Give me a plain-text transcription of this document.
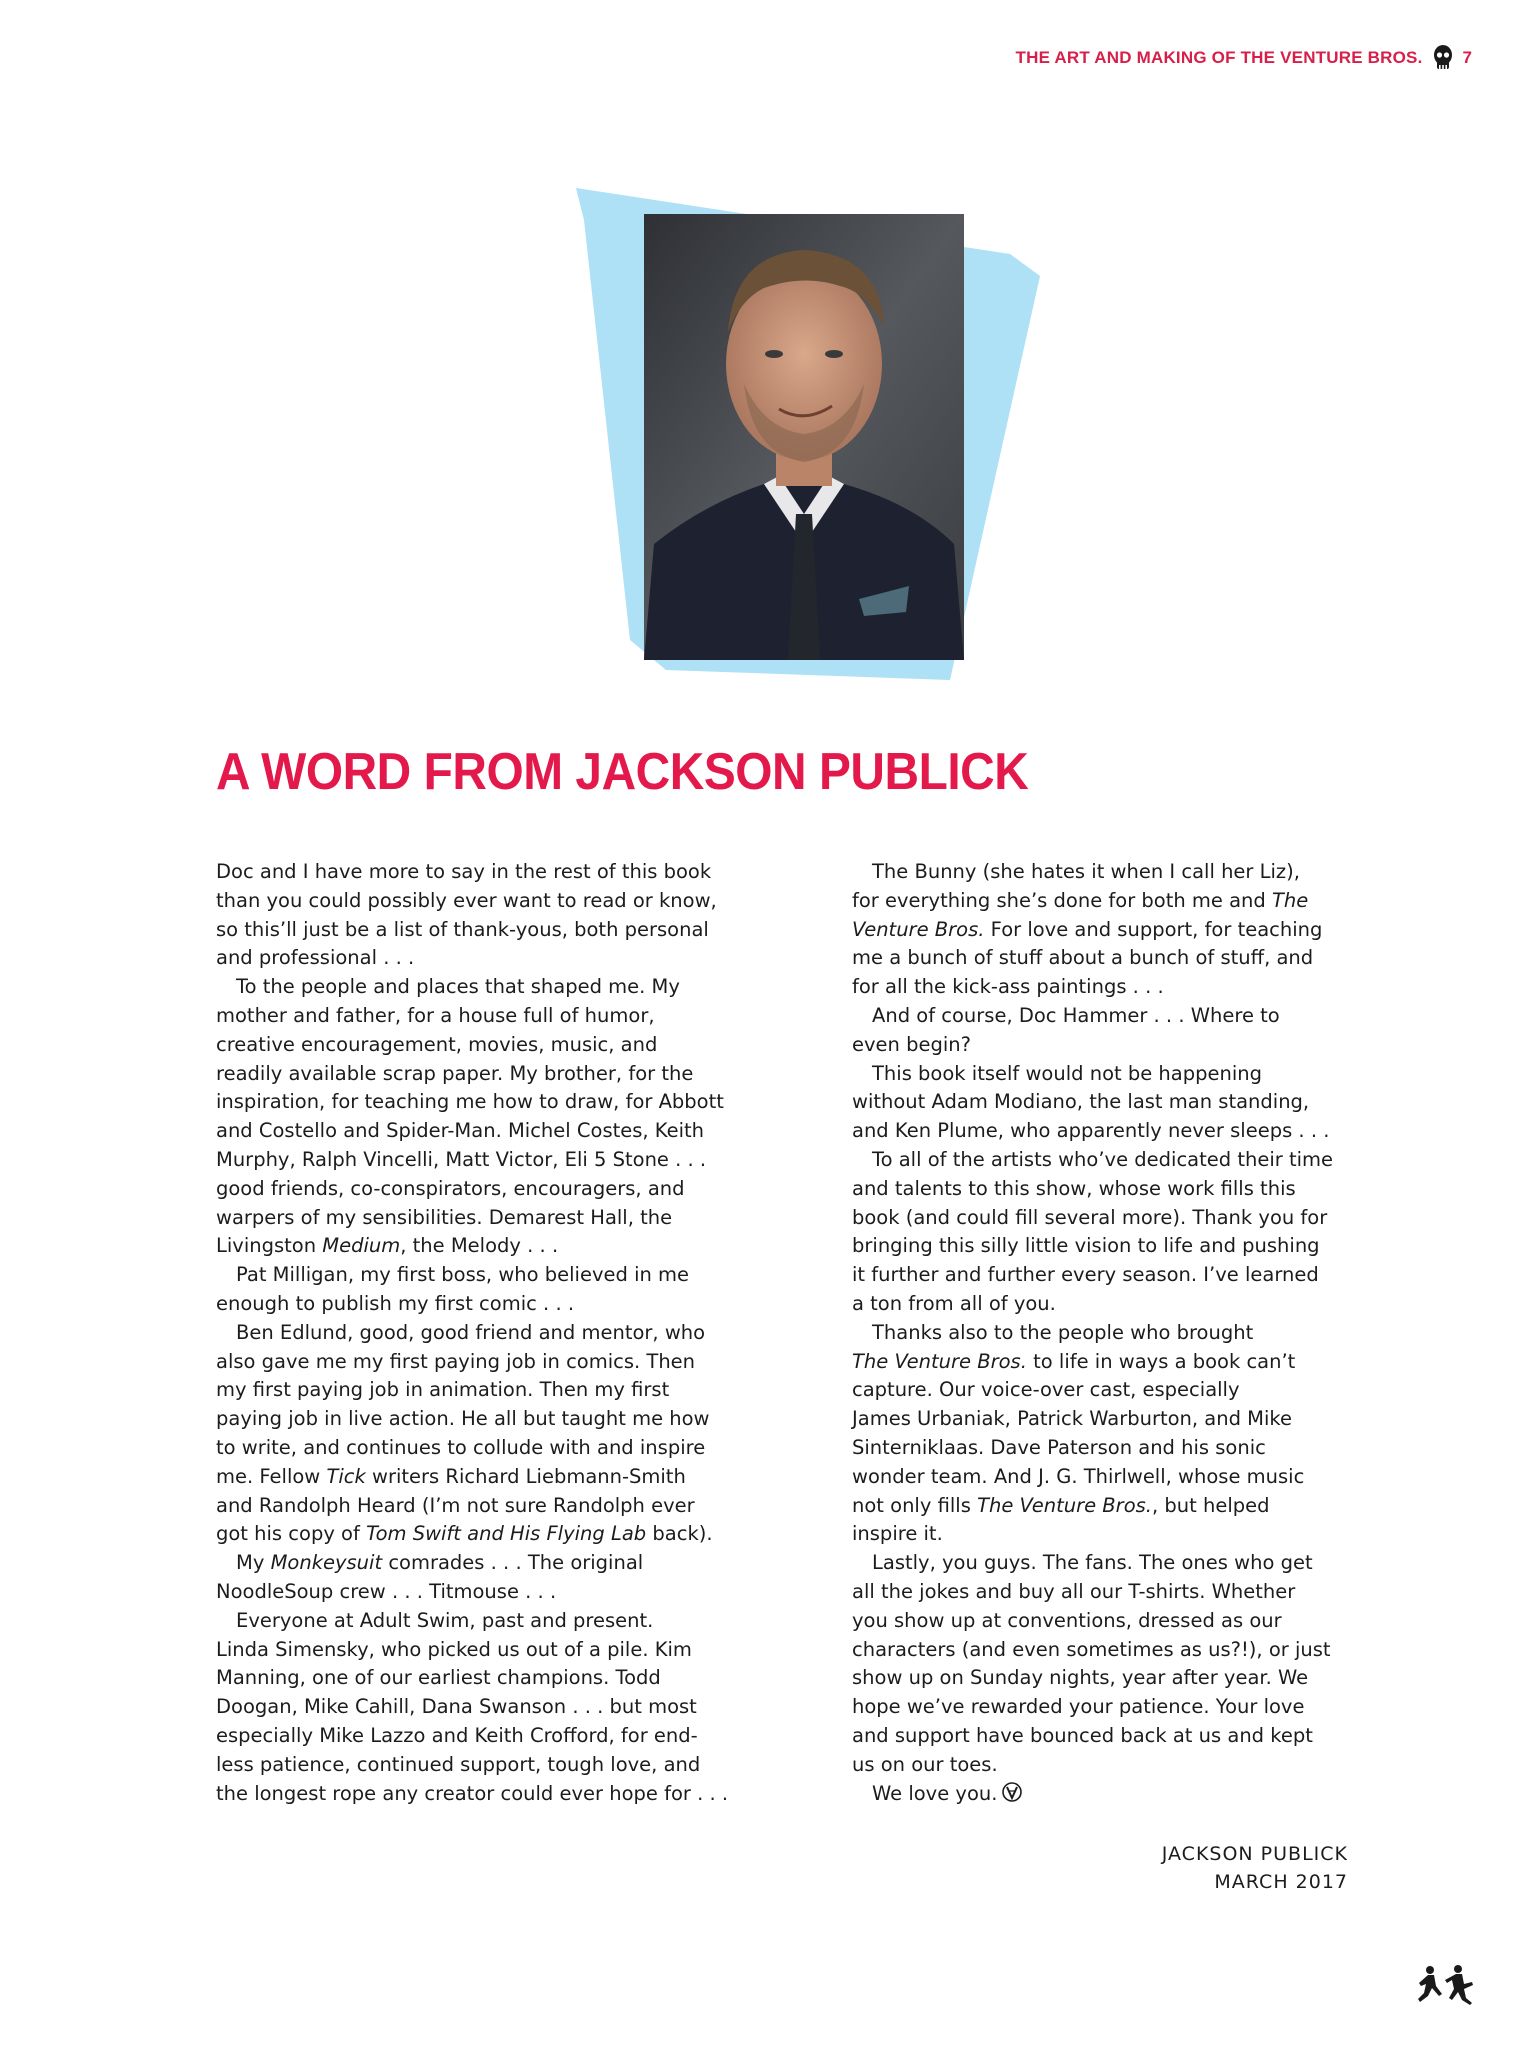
THE ART AND MAKING OF THE VENTURE BROS. 7
A WORD FROM JACKSON PUBLICK
Doc and I have more to say in the rest of this book
than you could possibly ever want to read or know,
so this’ll just be a list of thank-yous, both personal
and professional . . .
To the people and places that shaped me. My
mother and father, for a house full of humor,
creative encouragement, movies, music, and
readily available scrap paper. My brother, for the
inspiration, for teaching me how to draw, for Abbott
and Costello and Spider-Man. Michel Costes, Keith
Murphy, Ralph Vincelli, Matt Victor, Eli 5 Stone . . .
good friends, co-conspirators, encouragers, and
warpers of my sensibilities. Demarest Hall, the
Livingston Medium, the Melody . . .
Pat Milligan, my first boss, who believed in me
enough to publish my first comic . . .
Ben Edlund, good, good friend and mentor, who
also gave me my first paying job in comics. Then
my first paying job in animation. Then my first
paying job in live action. He all but taught me how
to write, and continues to collude with and inspire
me. Fellow Tick writers Richard Liebmann-Smith
and Randolph Heard (I’m not sure Randolph ever
got his copy of Tom Swift and His Flying Lab back).
My Monkeysuit comrades . . . The original
NoodleSoup crew . . . Titmouse . . .
Everyone at Adult Swim, past and present.
Linda Simensky, who picked us out of a pile. Kim
Manning, one of our earliest champions. Todd
Doogan, Mike Cahill, Dana Swanson . . . but most
especially Mike Lazzo and Keith Crofford, for end-
less patience, continued support, tough love, and
the longest rope any creator could ever hope for . . .
The Bunny (she hates it when I call her Liz),
for everything she’s done for both me and The
Venture Bros. For love and support, for teaching
me a bunch of stuff about a bunch of stuff, and
for all the kick-ass paintings . . .
And of course, Doc Hammer . . . Where to
even begin?
This book itself would not be happening
without Adam Modiano, the last man standing,
and Ken Plume, who apparently never sleeps . . .
To all of the artists who’ve dedicated their time
and talents to this show, whose work fills this
book (and could fill several more). Thank you for
bringing this silly little vision to life and pushing
it further and further every season. I’ve learned
a ton from all of you.
Thanks also to the people who brought
The Venture Bros. to life in ways a book can’t
capture. Our voice-over cast, especially
James Urbaniak, Patrick Warburton, and Mike
Sinterniklaas. Dave Paterson and his sonic
wonder team. And J. G. Thirlwell, whose music
not only fills The Venture Bros., but helped
inspire it.
Lastly, you guys. The fans. The ones who get
all the jokes and buy all our T-shirts. Whether
you show up at conventions, dressed as our
characters (and even sometimes as us?!), or just
show up on Sunday nights, year after year. We
hope we’ve rewarded your patience. Your love
and support have bounced back at us and kept
us on our toes.
We love you.
JACKSON PUBLICK
MARCH 2017
